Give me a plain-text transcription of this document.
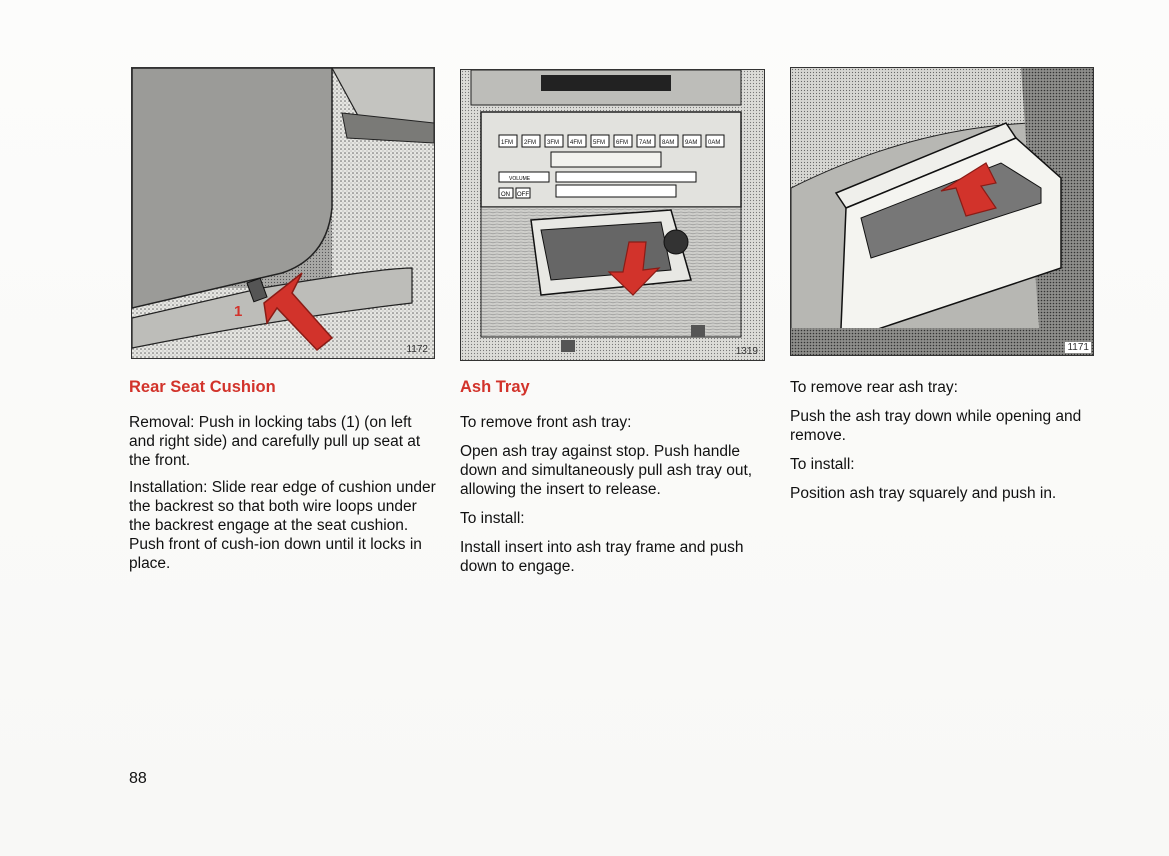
1
1172
1FM 2FM 3FM 4FM 5FM 6FM 7AM 8AM 9AM 0AM
VOLUME
ON OFF
1319	1171
Rear Seat Cushion
Removal: Push in locking tabs (1) (on left and right side) and carefully pull up seat at the front.
Installation: Slide rear edge of cushion under the backrest so that both wire loops under the backrest engage at the seat cushion. Push front of cush-ion down until it locks in place.
Ash Tray
To remove front ash tray:
Open ash tray against stop. Push handle down and simultaneously pull ash tray out, allowing the insert to release.
To install:
Install insert into ash tray frame and push down to engage.
To remove rear ash tray:
Push the ash tray down while opening and remove.
To install:
Position ash tray squarely and push in.
88
